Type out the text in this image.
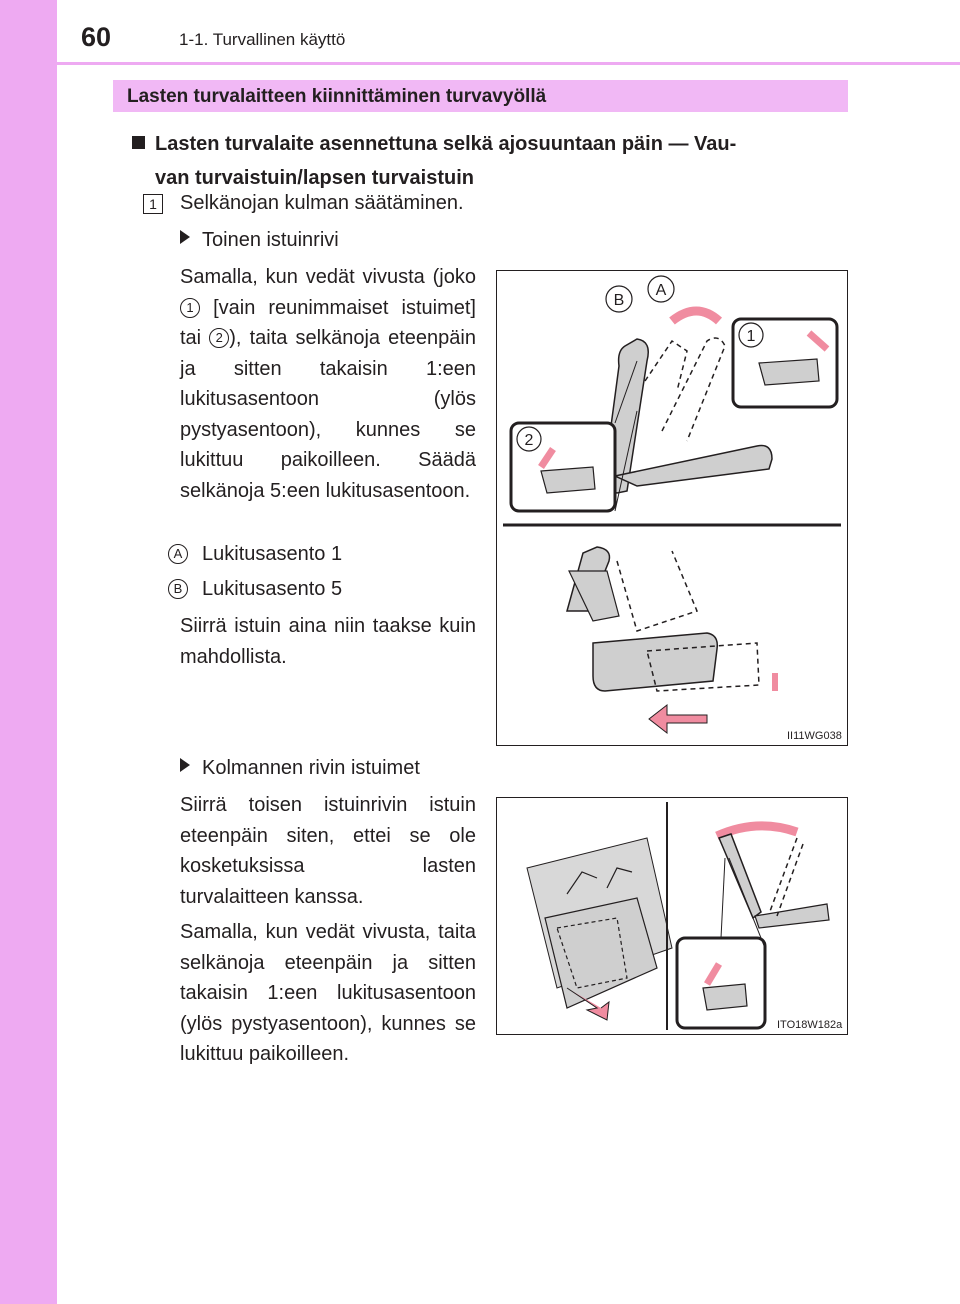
60	1-1. Turvallinen käyttö
Lasten turvalaitteen kiinnittäminen turvavyöllä
Lasten turvalaite asennettuna selkä ajosuuntaan päin — Vau-
van turvaistuin/lapsen turvaistuin
1	Selkänojan kulman säätäminen.
Toinen istuinrivi
Samalla, kun vedät vivusta (joko 1 [vain reunimmaiset istuimet] tai 2 ), taita selkänoja eteenpäin ja sitten takaisin 1:een lukitusasentoon (ylös pystyasentoon), kunnes se lukittuu paikoilleen. Säädä selkänoja 5:een lukitusasentoon.
A Lukitusasento 1
B Lukitusasento 5
Siirrä istuin aina niin taakse kuin mahdollista.
B
A
1
2
II11WG038
Kolmannen rivin istuimet
Siirrä toisen istuinrivin istuin eteenpäin siten, ettei se ole kosketuksissa lasten turvalaitteen kanssa.
Samalla, kun vedät vivusta, taita selkänoja eteenpäin ja sitten takaisin 1:een lukitusasentoon (ylös pystyasentoon), kunnes se lukittuu paikoilleen.
ITO18W182a
